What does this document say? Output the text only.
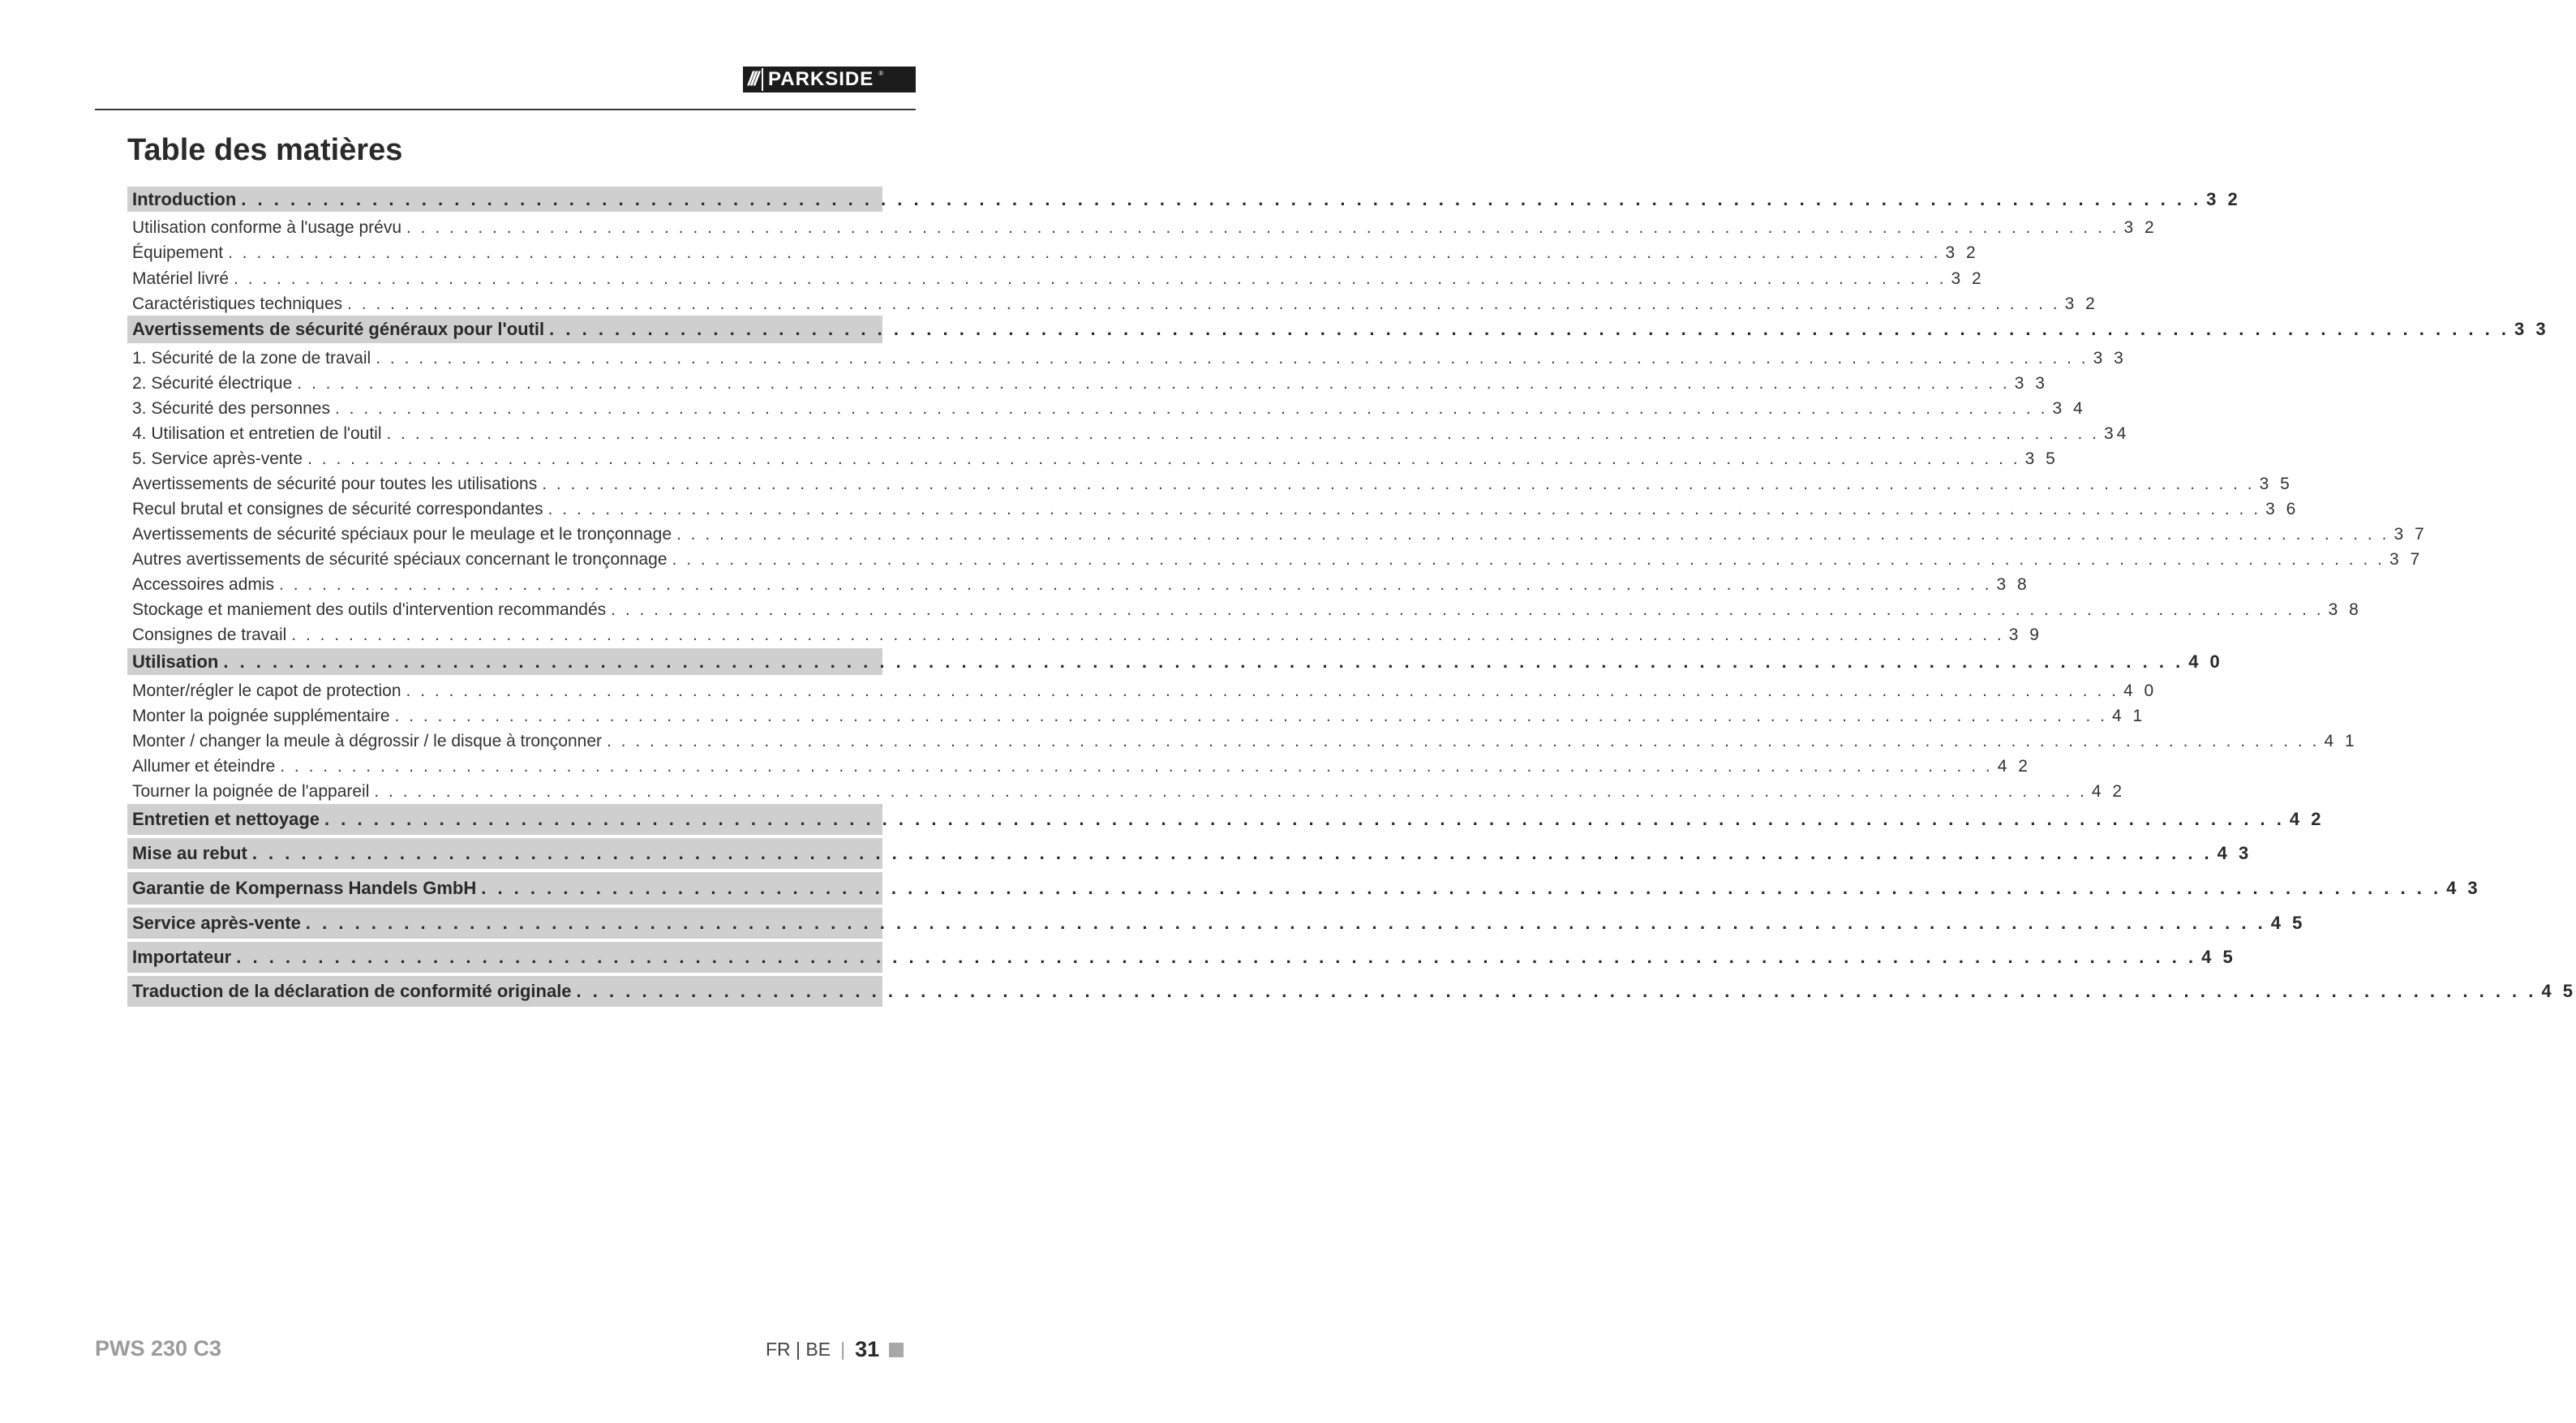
/// PARKSIDE ®
Table des matières
Introduction . . . . . . . . . . . . . . . . . . . . . . . . . . . . . . . . . . . . . . . . . . . . . . . . . . . . . . . . . . . . . . . . . . . . . . . . . . . . . . . . . . . . . . . . . . . . . . . . . . . . . . . . . . . . . . . . . . . . . . . . 3 2
Utilisation conforme à l'usage prévu . . . . . . . . . . . . . . . . . . . . . . . . . . . . . . . . . . . . . . . . . . . . . . . . . . . . . . . . . . . . . . . . . . . . . . . . . . . . . . . . . . . . . . . . . . . . . . . . . . . . . . . . . . . . . . . . . . . . . . . . 3 2
Équipement . . . . . . . . . . . . . . . . . . . . . . . . . . . . . . . . . . . . . . . . . . . . . . . . . . . . . . . . . . . . . . . . . . . . . . . . . . . . . . . . . . . . . . . . . . . . . . . . . . . . . . . . . . . . . . . . . . . . . . . . 3 2
Matériel livré . . . . . . . . . . . . . . . . . . . . . . . . . . . . . . . . . . . . . . . . . . . . . . . . . . . . . . . . . . . . . . . . . . . . . . . . . . . . . . . . . . . . . . . . . . . . . . . . . . . . . . . . . . . . . . . . . . . . . . . . 3 2
Caractéristiques techniques . . . . . . . . . . . . . . . . . . . . . . . . . . . . . . . . . . . . . . . . . . . . . . . . . . . . . . . . . . . . . . . . . . . . . . . . . . . . . . . . . . . . . . . . . . . . . . . . . . . . . . . . . . . . . . . . . . . . . . . . 3 2
Avertissements de sécurité généraux pour l'outil . . . . . . . . . . . . . . . . . . . . . . . . . . . . . . . . . . . . . . . . . . . . . . . . . . . . . . . . . . . . . . . . . . . . . . . . . . . . . . . . . . . . . . . . . . . . . . . . . . . . . . . . . . . . . . . . . . . . . . . . 3 3
1. Sécurité de la zone de travail . . . . . . . . . . . . . . . . . . . . . . . . . . . . . . . . . . . . . . . . . . . . . . . . . . . . . . . . . . . . . . . . . . . . . . . . . . . . . . . . . . . . . . . . . . . . . . . . . . . . . . . . . . . . . . . . . . . . . . . . 3 3
2. Sécurité électrique . . . . . . . . . . . . . . . . . . . . . . . . . . . . . . . . . . . . . . . . . . . . . . . . . . . . . . . . . . . . . . . . . . . . . . . . . . . . . . . . . . . . . . . . . . . . . . . . . . . . . . . . . . . . . . . . . . . . . . . . 3 3
3. Sécurité des personnes . . . . . . . . . . . . . . . . . . . . . . . . . . . . . . . . . . . . . . . . . . . . . . . . . . . . . . . . . . . . . . . . . . . . . . . . . . . . . . . . . . . . . . . . . . . . . . . . . . . . . . . . . . . . . . . . . . . . . . . . 3 4
4. Utilisation et entretien de l'outil . . . . . . . . . . . . . . . . . . . . . . . . . . . . . . . . . . . . . . . . . . . . . . . . . . . . . . . . . . . . . . . . . . . . . . . . . . . . . . . . . . . . . . . . . . . . . . . . . . . . . . . . . . . . . . . . . . . . . . . . 34
5. Service après-vente . . . . . . . . . . . . . . . . . . . . . . . . . . . . . . . . . . . . . . . . . . . . . . . . . . . . . . . . . . . . . . . . . . . . . . . . . . . . . . . . . . . . . . . . . . . . . . . . . . . . . . . . . . . . . . . . . . . . . . . . 3 5
Avertissements de sécurité pour toutes les utilisations . . . . . . . . . . . . . . . . . . . . . . . . . . . . . . . . . . . . . . . . . . . . . . . . . . . . . . . . . . . . . . . . . . . . . . . . . . . . . . . . . . . . . . . . . . . . . . . . . . . . . . . . . . . . . . . . . . . . . . . . 3 5
Recul brutal et consignes de sécurité correspondantes . . . . . . . . . . . . . . . . . . . . . . . . . . . . . . . . . . . . . . . . . . . . . . . . . . . . . . . . . . . . . . . . . . . . . . . . . . . . . . . . . . . . . . . . . . . . . . . . . . . . . . . . . . . . . . . . . . . . . . . . 3 6
Avertissements de sécurité spéciaux pour le meulage et le tronçonnage . . . . . . . . . . . . . . . . . . . . . . . . . . . . . . . . . . . . . . . . . . . . . . . . . . . . . . . . . . . . . . . . . . . . . . . . . . . . . . . . . . . . . . . . . . . . . . . . . . . . . . . . . . . . . . . . . . . . . . . . 3 7
Autres avertissements de sécurité spéciaux concernant le tronçonnage . . . . . . . . . . . . . . . . . . . . . . . . . . . . . . . . . . . . . . . . . . . . . . . . . . . . . . . . . . . . . . . . . . . . . . . . . . . . . . . . . . . . . . . . . . . . . . . . . . . . . . . . . . . . . . . . . . . . . . . . 3 7
Accessoires admis . . . . . . . . . . . . . . . . . . . . . . . . . . . . . . . . . . . . . . . . . . . . . . . . . . . . . . . . . . . . . . . . . . . . . . . . . . . . . . . . . . . . . . . . . . . . . . . . . . . . . . . . . . . . . . . . . . . . . . . . 3 8
Stockage et maniement des outils d'intervention recommandés . . . . . . . . . . . . . . . . . . . . . . . . . . . . . . . . . . . . . . . . . . . . . . . . . . . . . . . . . . . . . . . . . . . . . . . . . . . . . . . . . . . . . . . . . . . . . . . . . . . . . . . . . . . . . . . . . . . . . . . . 3 8
Consignes de travail . . . . . . . . . . . . . . . . . . . . . . . . . . . . . . . . . . . . . . . . . . . . . . . . . . . . . . . . . . . . . . . . . . . . . . . . . . . . . . . . . . . . . . . . . . . . . . . . . . . . . . . . . . . . . . . . . . . . . . . . 3 9
Utilisation . . . . . . . . . . . . . . . . . . . . . . . . . . . . . . . . . . . . . . . . . . . . . . . . . . . . . . . . . . . . . . . . . . . . . . . . . . . . . . . . . . . . . . . . . . . . . . . . . . . . . . . . . . . . . . . . . . . . . . . . 4 0
Monter/régler le capot de protection . . . . . . . . . . . . . . . . . . . . . . . . . . . . . . . . . . . . . . . . . . . . . . . . . . . . . . . . . . . . . . . . . . . . . . . . . . . . . . . . . . . . . . . . . . . . . . . . . . . . . . . . . . . . . . . . . . . . . . . . 4 0
Monter la poignée supplémentaire . . . . . . . . . . . . . . . . . . . . . . . . . . . . . . . . . . . . . . . . . . . . . . . . . . . . . . . . . . . . . . . . . . . . . . . . . . . . . . . . . . . . . . . . . . . . . . . . . . . . . . . . . . . . . . . . . . . . . . . . 4 1
Monter / changer la meule à dégrossir / le disque à tronçonner . . . . . . . . . . . . . . . . . . . . . . . . . . . . . . . . . . . . . . . . . . . . . . . . . . . . . . . . . . . . . . . . . . . . . . . . . . . . . . . . . . . . . . . . . . . . . . . . . . . . . . . . . . . . . . . . . . . . . . . . 4 1
Allumer et éteindre . . . . . . . . . . . . . . . . . . . . . . . . . . . . . . . . . . . . . . . . . . . . . . . . . . . . . . . . . . . . . . . . . . . . . . . . . . . . . . . . . . . . . . . . . . . . . . . . . . . . . . . . . . . . . . . . . . . . . . . . 4 2
Tourner la poignée de l'appareil . . . . . . . . . . . . . . . . . . . . . . . . . . . . . . . . . . . . . . . . . . . . . . . . . . . . . . . . . . . . . . . . . . . . . . . . . . . . . . . . . . . . . . . . . . . . . . . . . . . . . . . . . . . . . . . . . . . . . . . . 4 2
Entretien et nettoyage . . . . . . . . . . . . . . . . . . . . . . . . . . . . . . . . . . . . . . . . . . . . . . . . . . . . . . . . . . . . . . . . . . . . . . . . . . . . . . . . . . . . . . . . . . . . . . . . . . . . . . . . . . . . . . . . . . . . . . . . 4 2
Mise au rebut . . . . . . . . . . . . . . . . . . . . . . . . . . . . . . . . . . . . . . . . . . . . . . . . . . . . . . . . . . . . . . . . . . . . . . . . . . . . . . . . . . . . . . . . . . . . . . . . . . . . . . . . . . . . . . . . . . . . . . . . 4 3
Garantie de Kompernass Handels GmbH . . . . . . . . . . . . . . . . . . . . . . . . . . . . . . . . . . . . . . . . . . . . . . . . . . . . . . . . . . . . . . . . . . . . . . . . . . . . . . . . . . . . . . . . . . . . . . . . . . . . . . . . . . . . . . . . . . . . . . . . 4 3
Service après-vente . . . . . . . . . . . . . . . . . . . . . . . . . . . . . . . . . . . . . . . . . . . . . . . . . . . . . . . . . . . . . . . . . . . . . . . . . . . . . . . . . . . . . . . . . . . . . . . . . . . . . . . . . . . . . . . . . . . . . . . . 4 5
Importateur . . . . . . . . . . . . . . . . . . . . . . . . . . . . . . . . . . . . . . . . . . . . . . . . . . . . . . . . . . . . . . . . . . . . . . . . . . . . . . . . . . . . . . . . . . . . . . . . . . . . . . . . . . . . . . . . . . . . . . . . 4 5
Traduction de la déclaration de conformité originale . . . . . . . . . . . . . . . . . . . . . . . . . . . . . . . . . . . . . . . . . . . . . . . . . . . . . . . . . . . . . . . . . . . . . . . . . . . . . . . . . . . . . . . . . . . . . . . . . . . . . . . . . . . . . . . . . . . . . . . . 4 5
PWS 230 C3	FR | BE | 31
